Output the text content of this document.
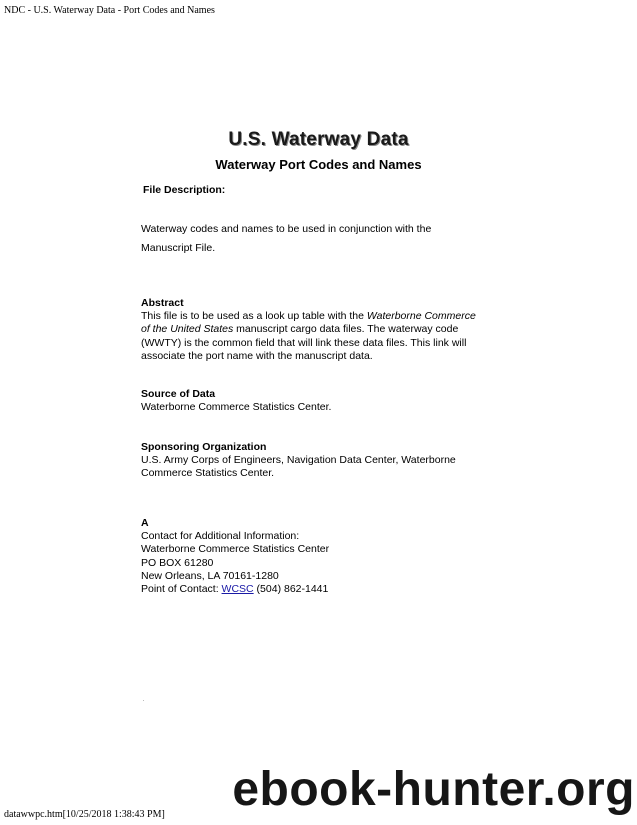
NDC - U.S. Waterway Data - Port Codes and Names
U.S. Waterway Data
Waterway Port Codes and Names
File Description:
Waterway codes and names to be used in conjunction with the Manuscript File.
Abstract
This file is to be used as a look up table with the Waterborne Commerce of the United States manuscript cargo data files. The waterway code (WWTY) is the common field that will link these data files. This link will associate the port name with the manuscript data.
Source of Data
Waterborne Commerce Statistics Center.
Sponsoring Organization
U.S. Army Corps of Engineers, Navigation Data Center, Waterborne Commerce Statistics Center.
A
Contact for Additional Information:
Waterborne Commerce Statistics Center
PO BOX 61280
New Orleans, LA 70161-1280
Point of Contact: WCSC (504) 862-1441
ebook-hunter.org
datawwpc.htm[10/25/2018 1:38:43 PM]
